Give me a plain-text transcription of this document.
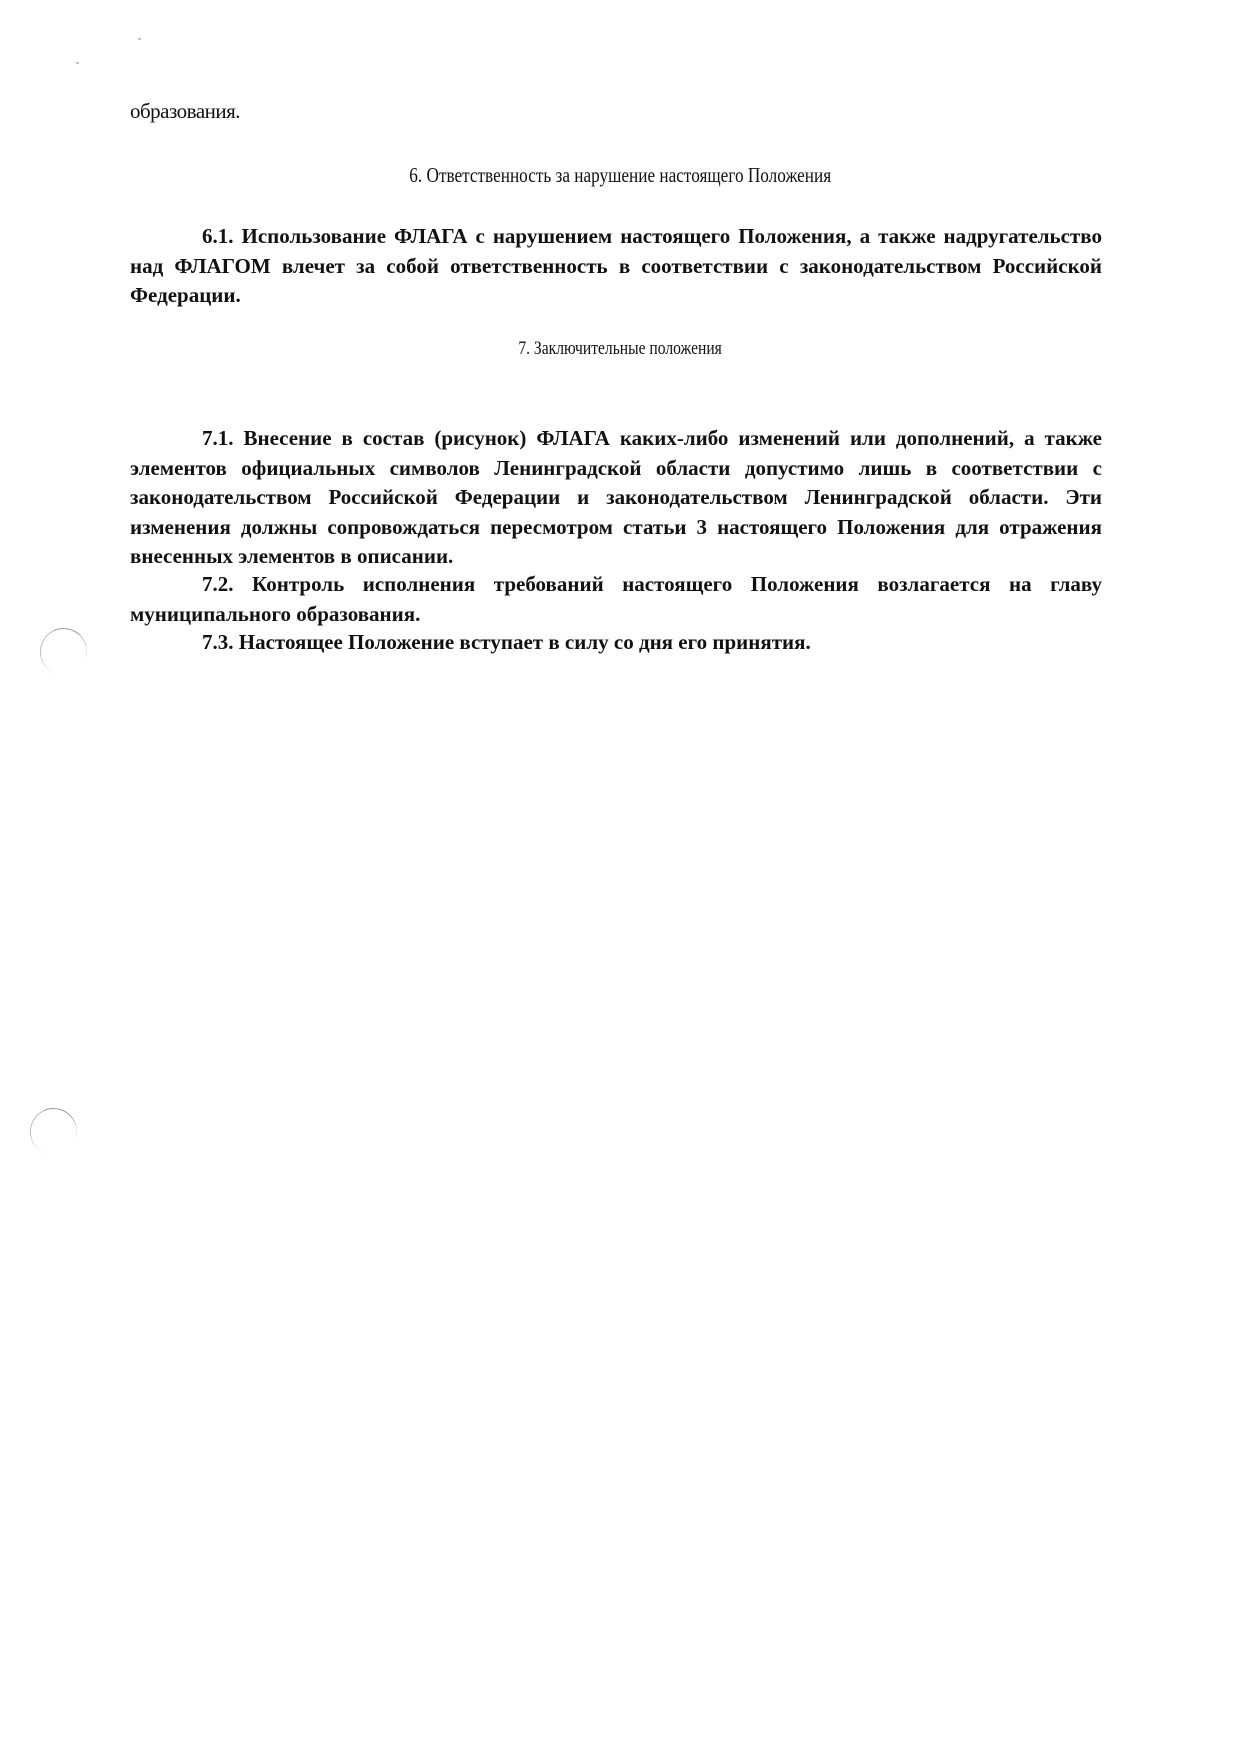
образования.

6. Ответственность за нарушение настоящего Положения

6.1. Использование ФЛАГА с нарушением настоящего Положения, а также надругательство над ФЛАГОМ влечет за собой ответственность в соответствии с законодательством Российской Федерации.

7. Заключительные положения

7.1. Внесение в состав (рисунок) ФЛАГА каких-либо изменений или дополнений, а также элементов официальных символов Ленинградской области допустимо лишь в соответствии с законодательством Российской Федерации и законодательством Ленинградской области. Эти изменения должны сопровождаться пересмотром статьи 3 настоящего Положения для отражения внесенных элементов в описании.

7.2. Контроль исполнения требований настоящего Положения возлагается на главу муниципального образования.

7.3. Настоящее Положение вступает в силу со дня его принятия.
